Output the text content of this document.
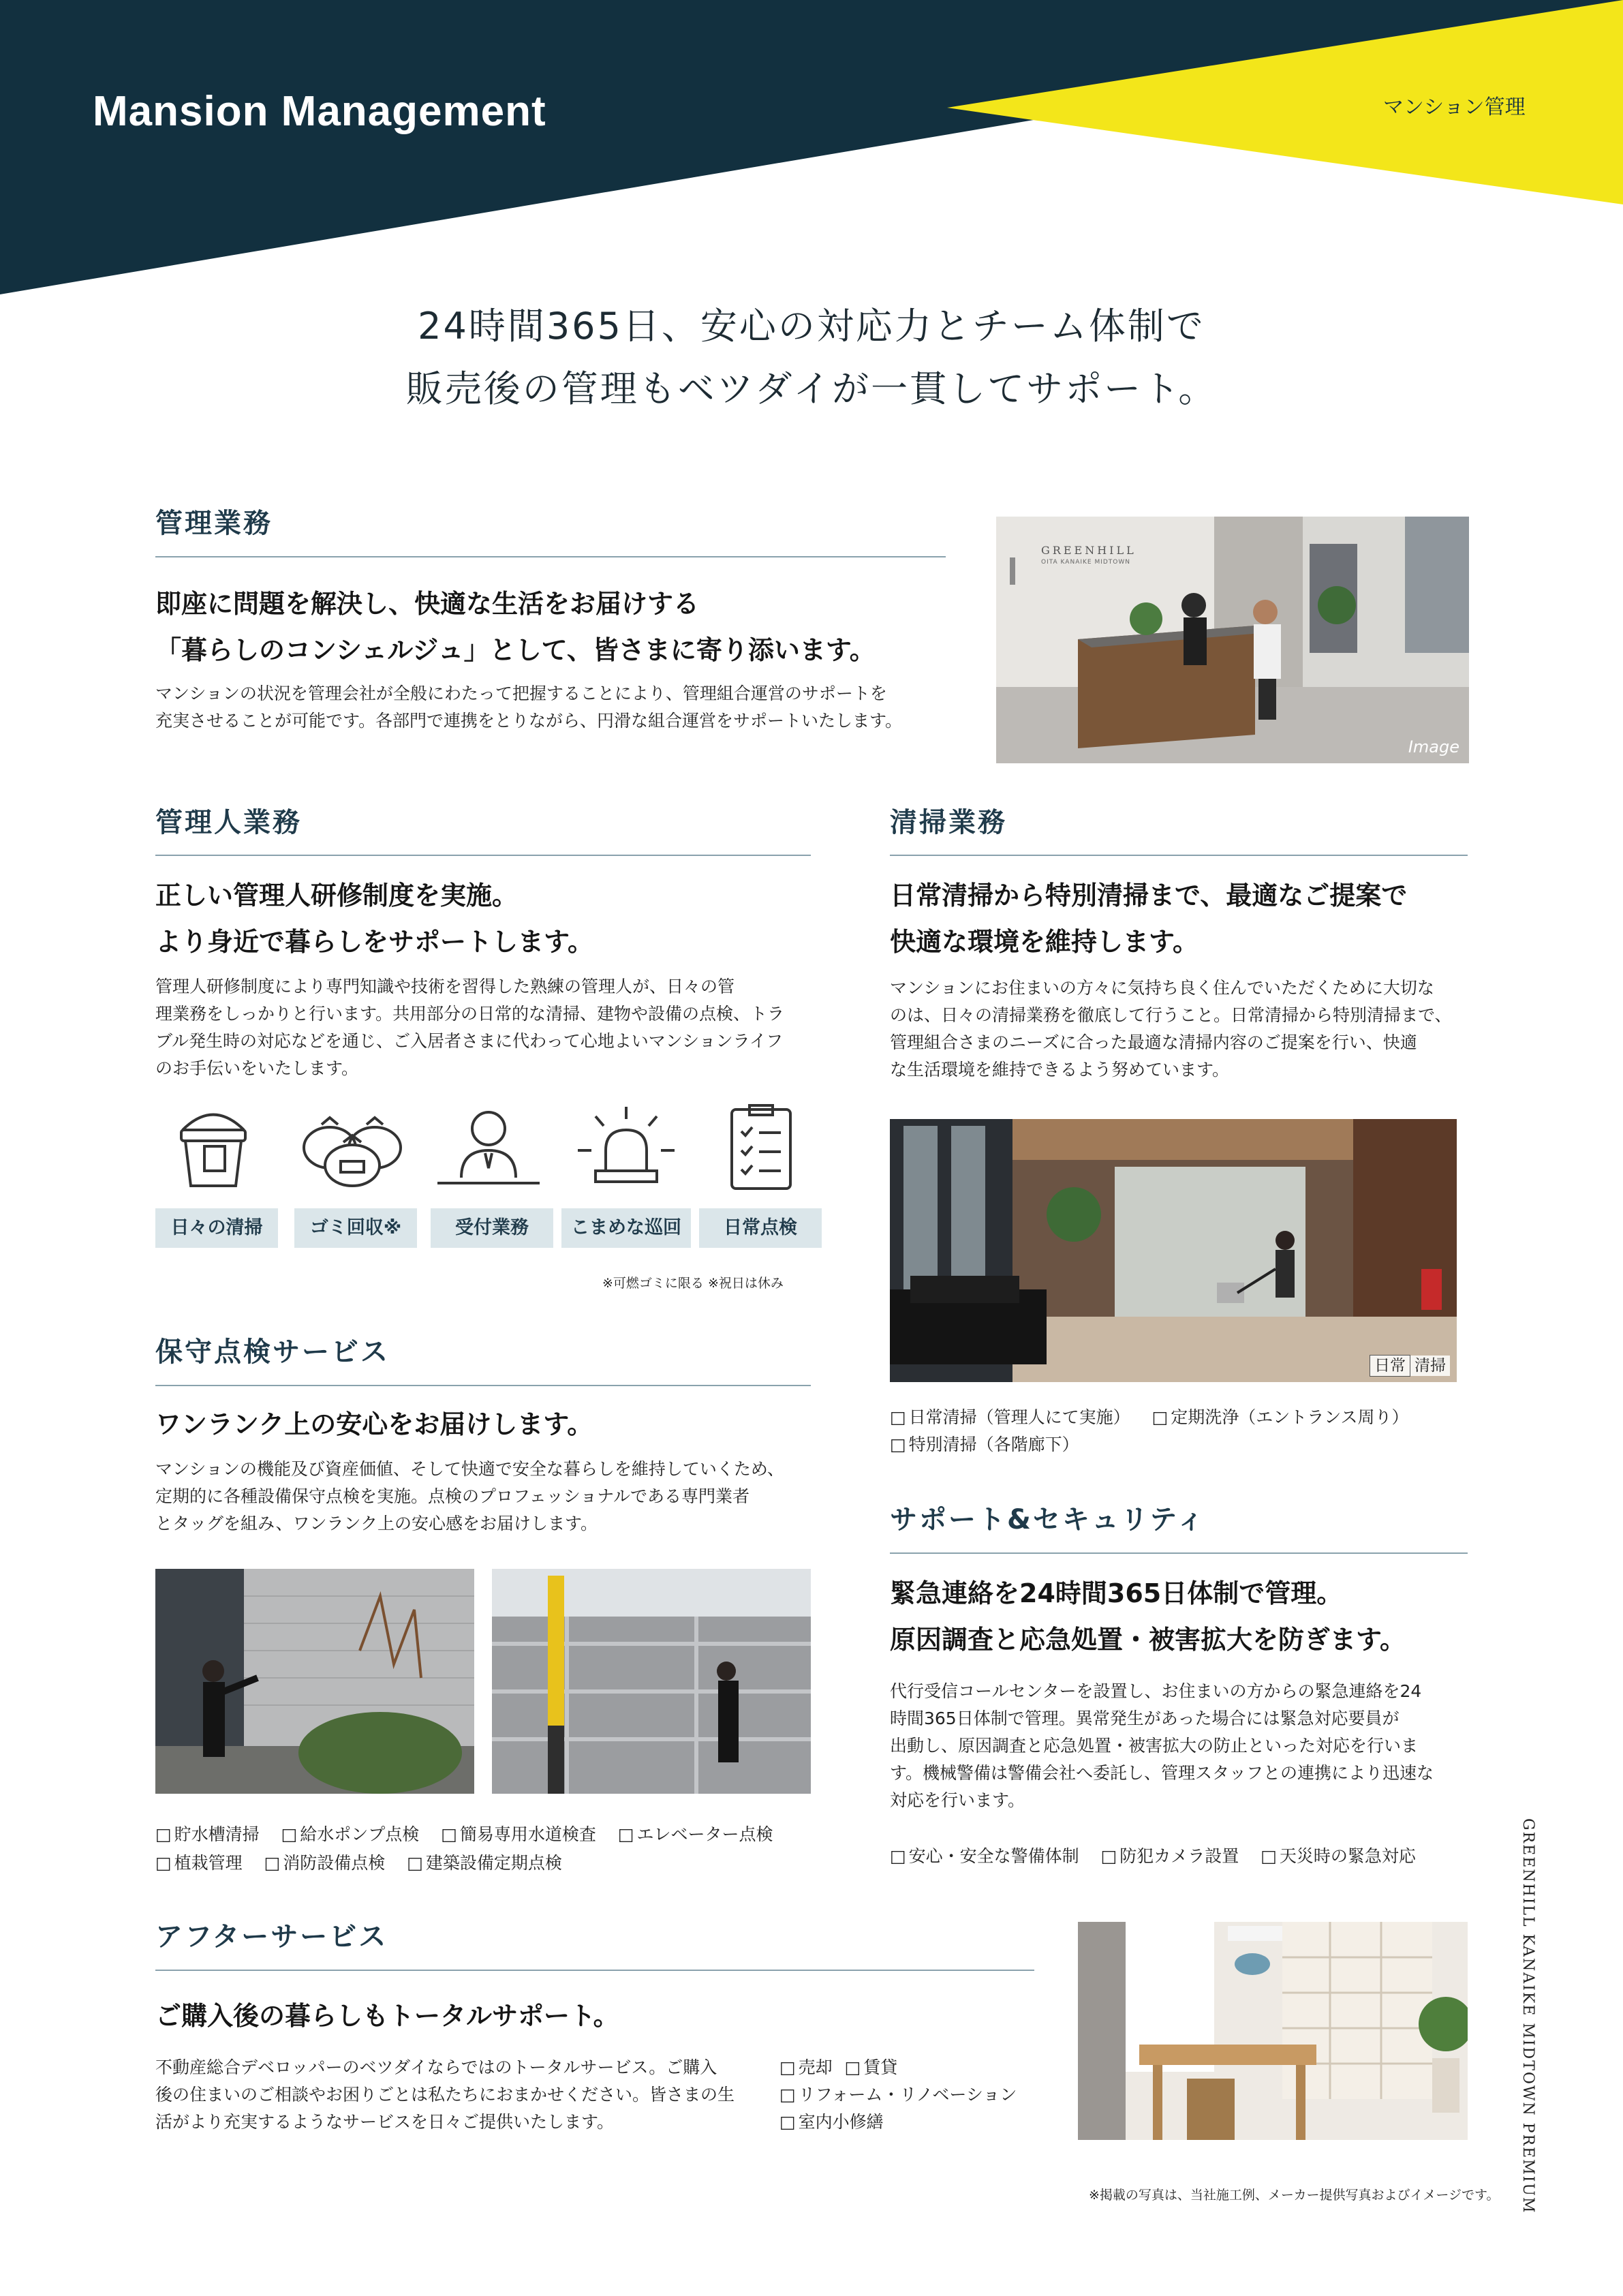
Mansion Management	マンション管理
24時間365日、安心の対応力とチーム体制で
販売後の管理もベツダイが一貫してサポート。
管理業務
即座に問題を解決し、快適な生活をお届けする
「暮らしのコンシェルジュ」として、皆さまに寄り添います。
マンションの状況を管理会社が全般にわたって把握することにより、管理組合運営のサポートを
充実させることが可能です。各部門で連携をとりながら、円滑な組合運営をサポートいたします。
GREENHILL
OITA KANAIKE MIDTOWN
Image
管理人業務
正しい管理人研修制度を実施。
より身近で暮らしをサポートします。
管理人研修制度により専門知識や技術を習得した熟練の管理人が、日々の管
理業務をしっかりと行います。共用部分の日常的な清掃、建物や設備の点検、トラ
ブル発生時の対応などを通じ、ご入居者さまに代わって心地よいマンションライフ
のお手伝いをいたします。
日々の清掃	ゴミ回収※	受付業務	こまめな巡回	日常点検
※可燃ゴミに限る ※祝日は休み
保守点検サービス
ワンランク上の安心をお届けします。
マンションの機能及び資産価値、そして快適で安全な暮らしを維持していくため、
定期的に各種設備保守点検を実施。点検のプロフェッショナルである専門業者
とタッグを組み、ワンランク上の安心感をお届けします。
□ 貯水槽清掃 □ 給水ポンプ点検 □ 簡易専用水道検査 □ エレベーター点検
□ 植栽管理 □ 消防設備点検 □ 建築設備定期点検
清掃業務
日常清掃から特別清掃まで、最適なご提案で
快適な環境を維持します。
マンションにお住まいの方々に気持ち良く住んでいただくために大切な
のは、日々の清掃業務を徹底して行うこと。日常清掃から特別清掃まで、
管理組合さまのニーズに合った最適な清掃内容のご提案を行い、快適
な生活環境を維持できるよう努めています。
日常 清掃
□ 日常清掃（管理人にて実施） □ 定期洗浄（エントランス周り）
□ 特別清掃（各階廊下）
サポート&セキュリティ
緊急連絡を24時間365日体制で管理。
原因調査と応急処置・被害拡大を防ぎます。
代行受信コールセンターを設置し、お住まいの方からの緊急連絡を24
時間365日体制で管理。異常発生があった場合には緊急対応要員が
出動し、原因調査と応急処置・被害拡大の防止といった対応を行いま
す。機械警備は警備会社へ委託し、管理スタッフとの連携により迅速な
対応を行います。
□ 安心・安全な警備体制 □ 防犯カメラ設置 □ 天災時の緊急対応
アフターサービス
ご購入後の暮らしもトータルサポート。
不動産総合デベロッパーのベツダイならではのトータルサービス。ご購入
後の住まいのご相談やお困りごとは私たちにおまかせください。皆さまの生
活がより充実するようなサービスを日々ご提供いたします。
□ 売却 □ 賃貸
□ リフォーム・リノベーション
□ 室内小修繕	GREENHILL KANAIKE MIDTOWN PREMIUM
※掲載の写真は、当社施工例、メーカー提供写真およびイメージです。
